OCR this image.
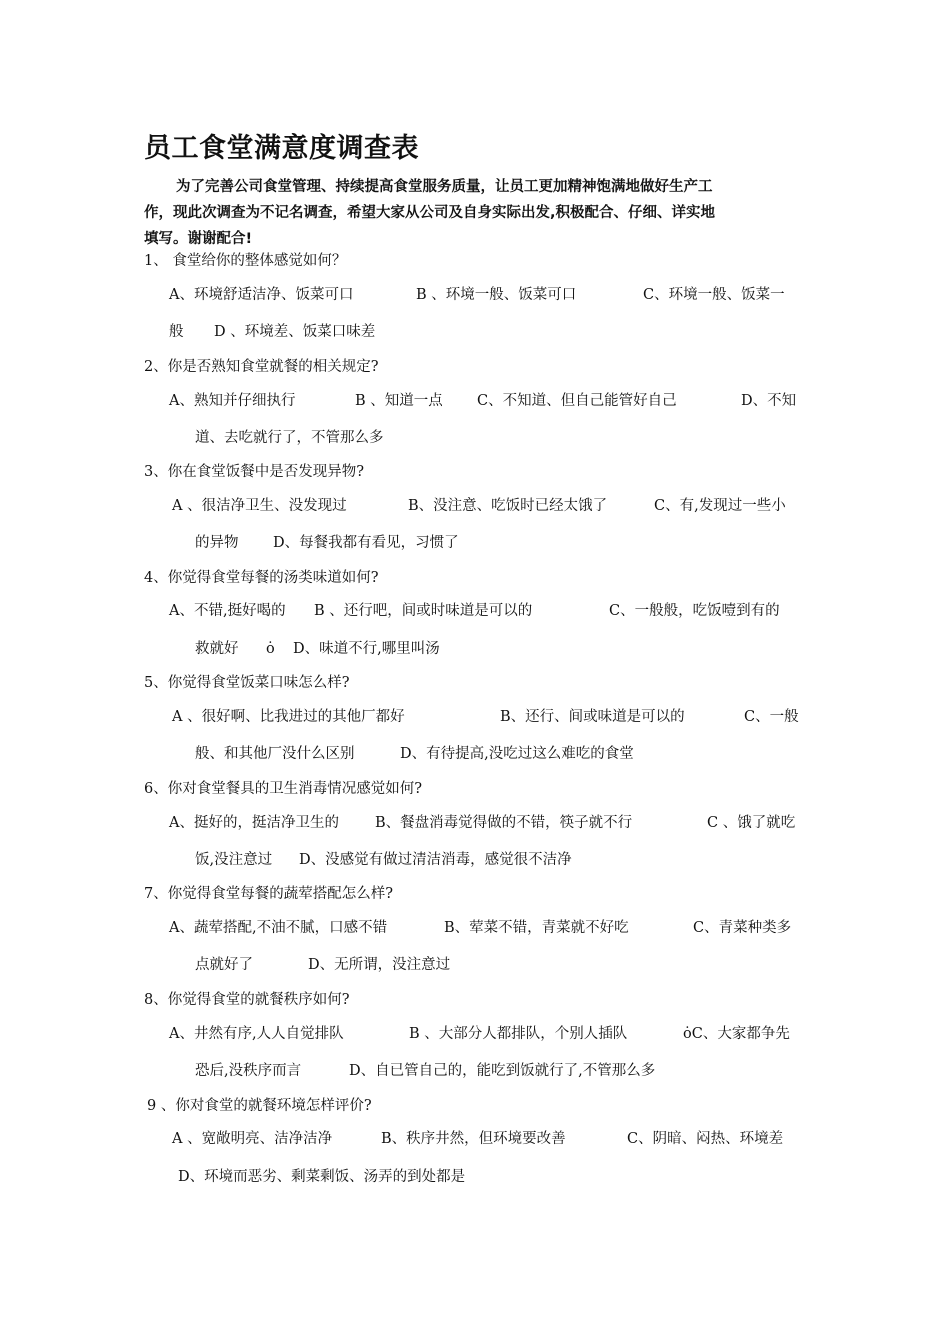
员工食堂满意度调查表
为了完善公司食堂管理、持续提高食堂服务质量，让员工更加精神饱满地做好生产工
作，现此次调查为不记名调查，希望大家从公司及自身实际出发,积极配合、仔细、详实地
填写。谢谢配合!
1、 食堂给你的整体感觉如何？
A、环境舒适洁净、饭菜可口	B 、环境一般、饭菜可口	C、环境一般、饭菜一
般 D 、环境差、饭菜口味差
2、你是否熟知食堂就餐的相关规定?
A、熟知并仔细执行	B 、知道一点 C、不知道、但自己能管好自己	D、不知
道、去吃就行了，不管那么多
3、你在食堂饭餐中是否发现异物?
A 、很洁净卫生、没发现过	B、没注意、吃饭时已经太饿了	C、有,发现过一些小
的异物 D、每餐我都有看见，习惯了
4、你觉得食堂每餐的汤类味道如何?
A、不错,挺好喝的 B 、还行吧，间或时味道是可以的	C、一般般，吃饭噎到有的
救就好 ȯ D、味道不行,哪里叫汤
5、你觉得食堂饭菜口味怎么样?
A 、很好啊、比我进过的其他厂都好	B、还行、间或味道是可以的	C、一般
般、和其他厂没什么区别	D、有待提高,没吃过这么难吃的食堂
6、你对食堂餐具的卫生消毒情况感觉如何?
A、挺好的，挺洁净卫生的 B、餐盘消毒觉得做的不错，筷子就不行	C 、饿了就吃
饭,没注意过 D、没感觉有做过清洁消毒，感觉很不洁净
7、你觉得食堂每餐的蔬荤搭配怎么样?
A、蔬荤搭配,不油不腻，口感不错	B、荤菜不错，青菜就不好吃	C、青菜种类多
点就好了	D、无所谓，没注意过
8、你觉得食堂的就餐秩序如何?
A、井然有序,人人自觉排队	B 、大部分人都排队，个别人插队	ȯC、大家都争先
恐后,没秩序而言	D、自已管自己的，能吃到饭就行了,不管那么多
9 、你对食堂的就餐环境怎样评价?
A 、宽敞明亮、洁净洁净	B、秩序井然，但环境要改善	C、阴暗、闷热、环境差
D、环境而恶劣、剩菜剩饭、汤弄的到处都是
